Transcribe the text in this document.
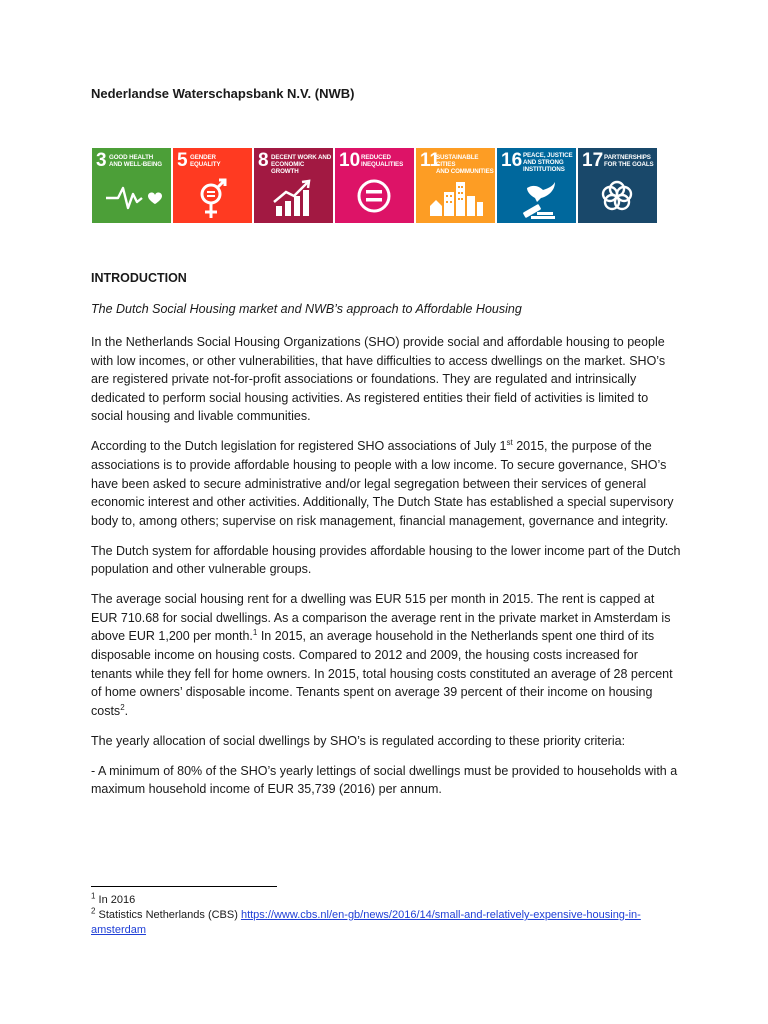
Nederlandse Waterschapsbank N.V. (NWB)
3 GOOD HEALTH
AND WELL-BEING 5 GENDER
EQUALITY 8 DECENT WORK AND
ECONOMIC GROWTH
10 REDUCED
INEQUALITIES 11
SUSTAINABLE CITIES
AND COMMUNITIES
16 PEACE, JUSTICE
AND STRONG
INSTITUTIONS 17 PARTNERSHIPS
FOR THE GOALS
INTRODUCTION
The Dutch Social Housing market and NWB’s approach to Affordable Housing

In the Netherlands Social Housing Organizations (SHO) provide social and affordable housing to people with low incomes, or other vulnerabilities, that have difficulties to access dwellings on the market. SHO’s are registered private not-for-profit associations or foundations. They are regulated and intrinsically dedicated to perform social housing activities. As registered entities their field of activities is limited to social housing and livable communities.

According to the Dutch legislation for registered SHO associations of July 1st 2015, the purpose of the associations is to provide affordable housing to people with a low income. To secure governance, SHO’s have been asked to secure administrative and/or legal segregation between their services of general economic interest and other activities. Additionally, The Dutch State has established a special supervisory body to, among others; supervise on risk management, financial management, governance and integrity.

The Dutch system for affordable housing provides affordable housing to the lower income part of the Dutch population and other vulnerable groups.

The average social housing rent for a dwelling was EUR 515 per month in 2015. The rent is capped at EUR 710.68 for social dwellings. As a comparison the average rent in the private market in Amsterdam is above EUR 1,200 per month.$^1$ In 2015, an average household in the Netherlands spent one third of its disposable income on housing costs. Compared to 2012 and 2009, the housing costs increased for tenants while they fell for home owners. In 2015, total housing costs constituted an average of 28 percent of home owners’ disposable income. Tenants spent on average 39 percent of their income on housing costs$^2$.

The yearly allocation of social dwellings by SHO’s is regulated according to these priority criteria:

- A minimum of 80% of the SHO’s yearly lettings of social dwellings must be provided to households with a maximum household income of EUR 35,739 (2016) per annum.

$^1$ In 2016
$^2$ Statistics Netherlands (CBS) https://www.cbs.nl/en-gb/news/2016/14/small-and-relatively-expensive-housing-in-amsterdam
